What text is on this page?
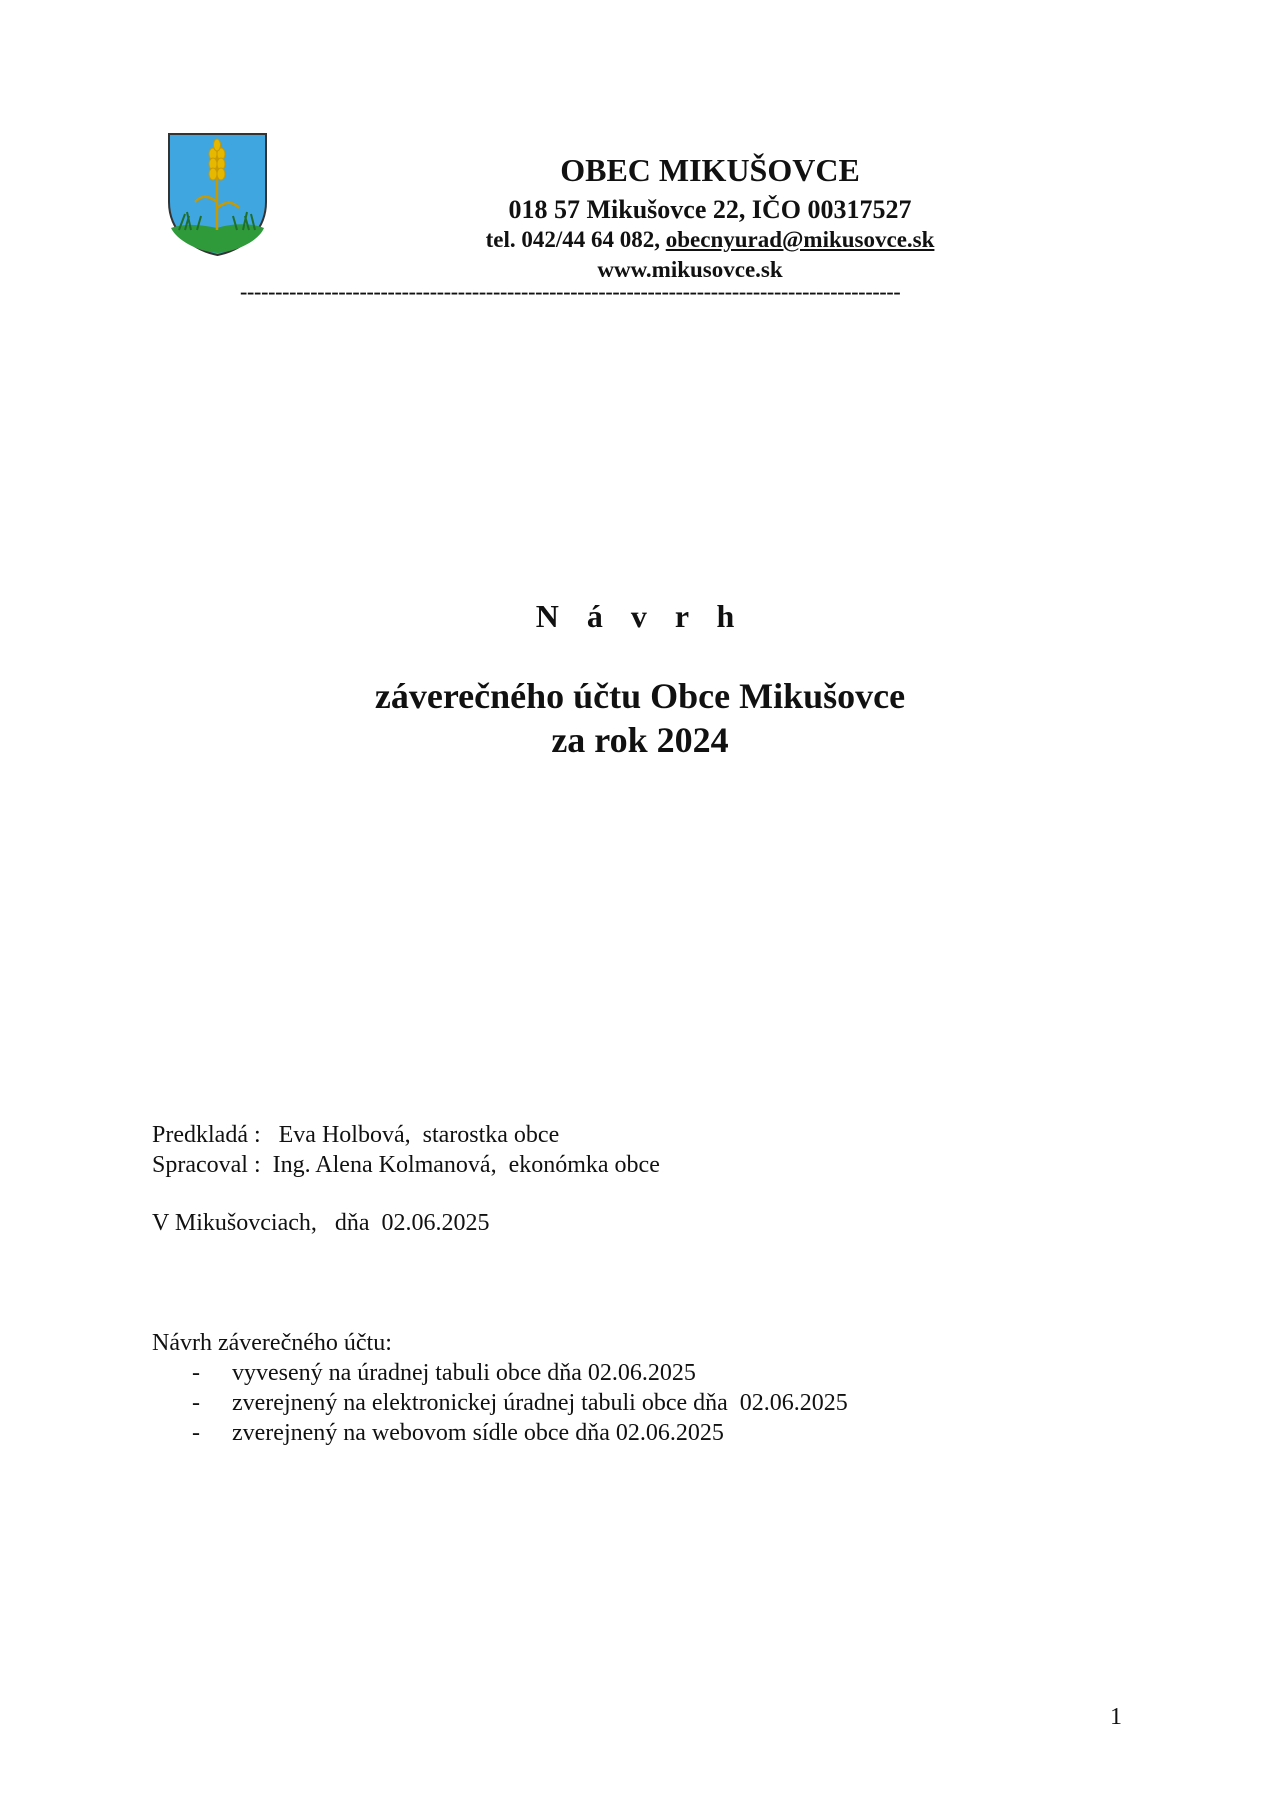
OBEC MIKUŠOVCE
018 57 Mikušovce 22, IČO 00317527
tel. 042/44 64 082, obecnyurad@mikusovce.sk
www.mikusovce.sk
----------------------------------------------------------------------------------------------
N á v r h
záverečného účtu Obce Mikušovce
za rok 2024
Predkladá :   Eva Holbová,  starostka obce
Spracoval :  Ing. Alena Kolmanová,  ekonómka obce
V Mikušovciach,   dňa  02.06.2025
Návrh záverečného účtu:

-

vyvesený na úradnej tabuli obce dňa 02.06.2025

-

zverejnený na elektronickej úradnej tabuli obce dňa  02.06.2025

-

zverejnený na webovom sídle obce dňa 02.06.2025

1
